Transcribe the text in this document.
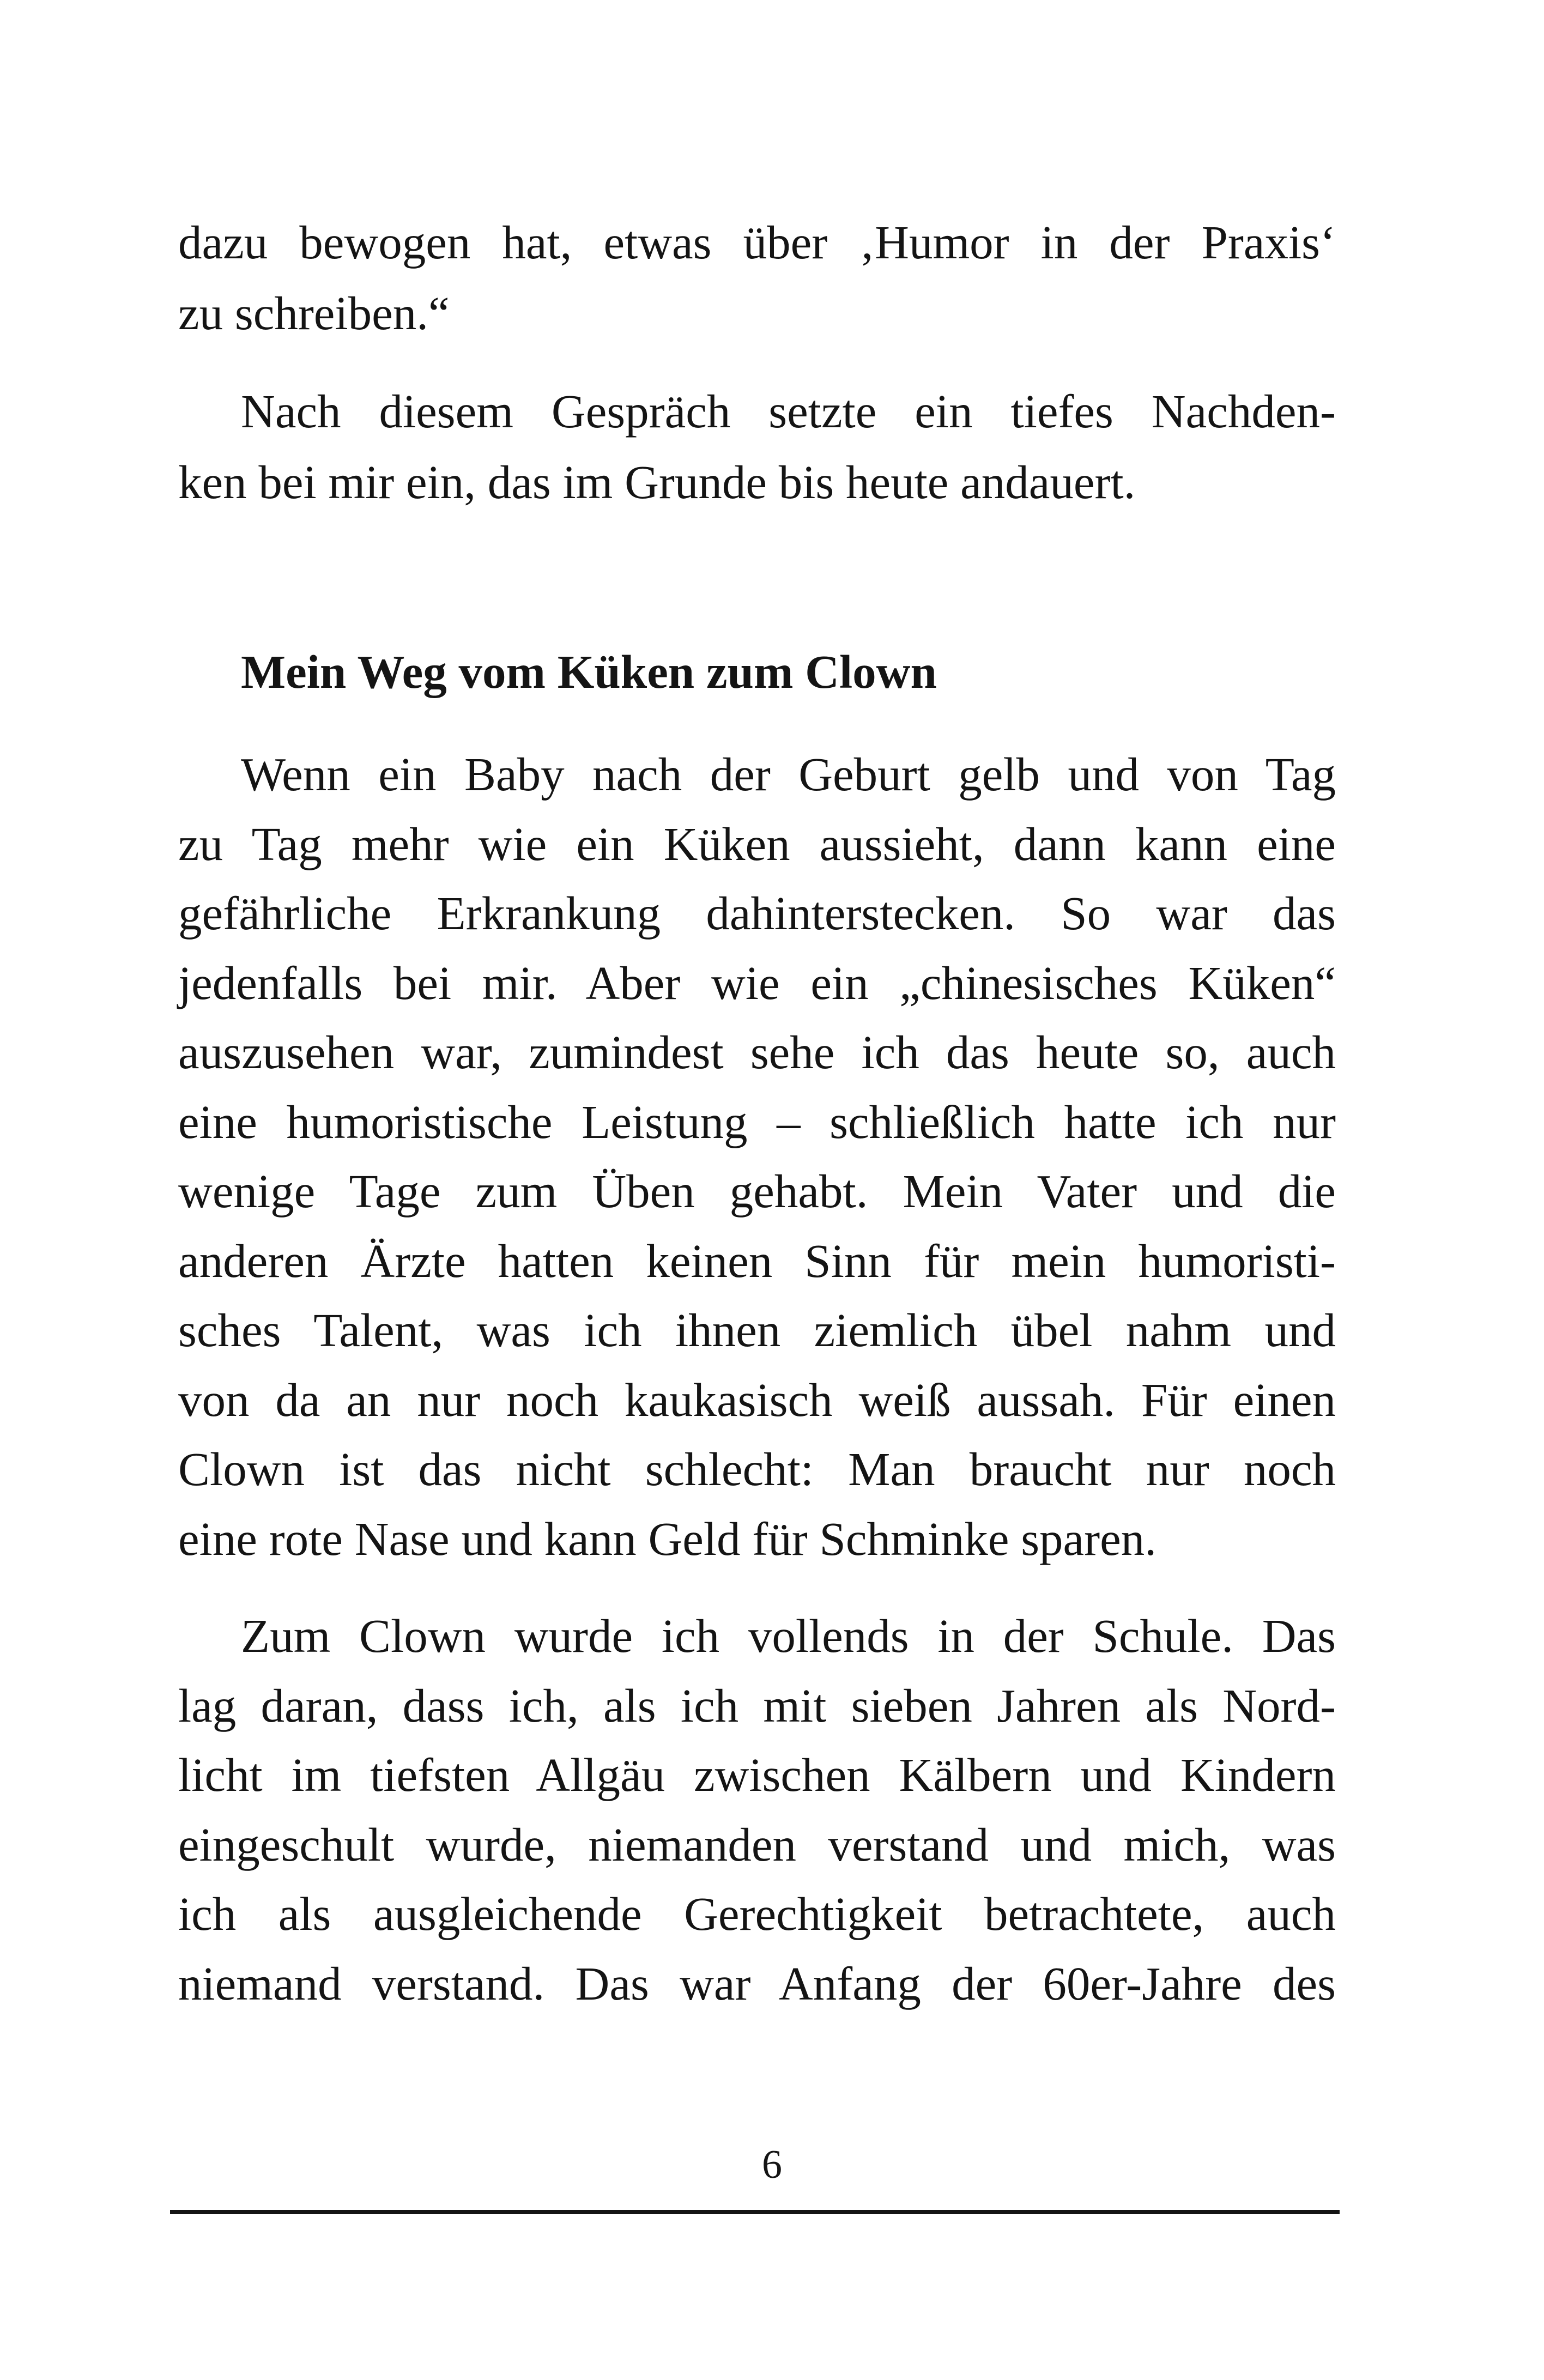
dazu bewogen hat, etwas über ‚Humor in der Praxis‘
zu schreiben.“
Nach diesem Gespräch setzte ein tiefes Nachden-
ken bei mir ein, das im Grunde bis heute andauert.
Mein Weg vom Küken zum Clown
Wenn ein Baby nach der Geburt gelb und von Tag
zu Tag mehr wie ein Küken aussieht, dann kann eine
gefährliche Erkrankung dahinterstecken. So war das
jedenfalls bei mir. Aber wie ein „chinesisches Küken“
auszusehen war, zumindest sehe ich das heute so, auch
eine humoristische Leistung – schließlich hatte ich nur
wenige Tage zum Üben gehabt. Mein Vater und die
anderen Ärzte hatten keinen Sinn für mein humoristi-
sches Talent, was ich ihnen ziemlich übel nahm und
von da an nur noch kaukasisch weiß aussah. Für einen
Clown ist das nicht schlecht: Man braucht nur noch
eine rote Nase und kann Geld für Schminke sparen.
Zum Clown wurde ich vollends in der Schule. Das
lag daran, dass ich, als ich mit sieben Jahren als Nord-
licht im tiefsten Allgäu zwischen Kälbern und Kindern
eingeschult wurde, niemanden verstand und mich, was
ich als ausgleichende Gerechtigkeit betrachtete, auch
niemand verstand. Das war Anfang der 60er-Jahre des
6
